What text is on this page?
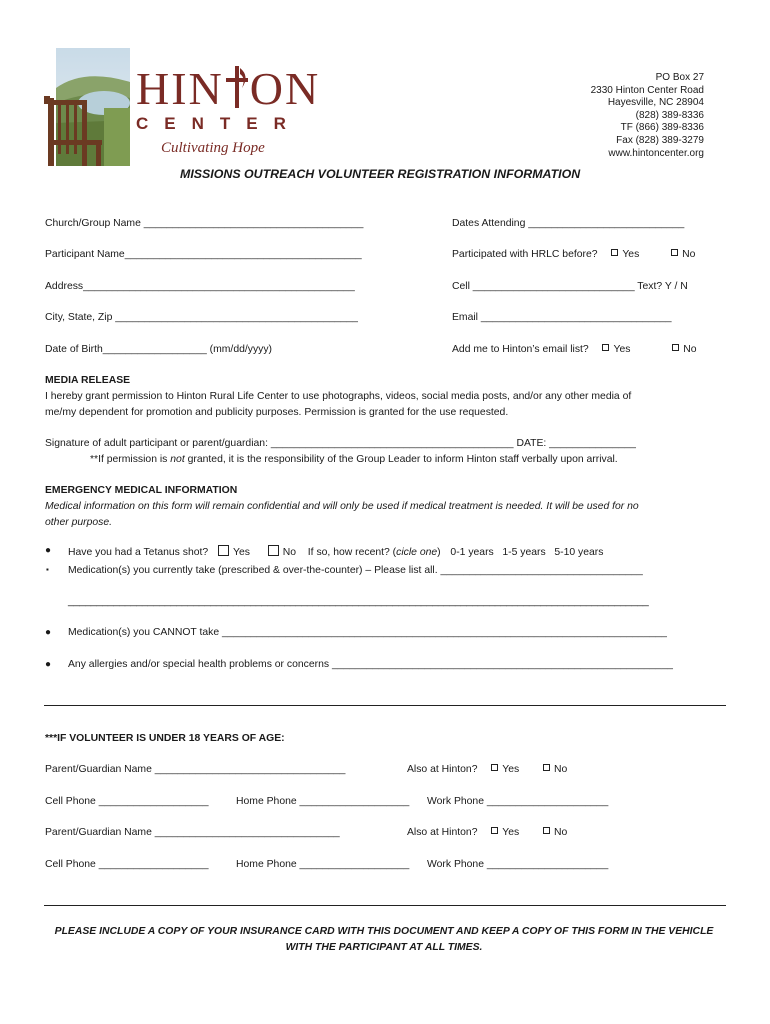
HIN ON
CENTER
Cultivating Hope
PO Box 27
2330 Hinton Center Road
Hayesville, NC 28904
(828) 389-8336
TF (866) 389-8336
Fax (828) 389-3279
www.hintoncenter.org
MISSIONS OUTREACH VOLUNTEER REGISTRATION INFORMATION
Church/Group Name ______________________________________	Dates Attending ___________________________
Participant Name_________________________________________	Participated with HRLC before? Yes	No
Address_______________________________________________	Cell ____________________________ Text? Y / N
City, State, Zip __________________________________________	Email _________________________________
Date of Birth__________________ (mm/dd/yyyy)	Add me to Hinton’s email list? Yes	No
MEDIA RELEASE
I hereby grant permission to Hinton Rural Life Center to use photographs, videos, social media posts, and/or any other media of
me/my dependent for promotion and publicity purposes. Permission is granted for the use requested.
Signature of adult participant or parent/guardian: __________________________________________ DATE: _______________
**If permission is not granted, it is the responsibility of the Group Leader to inform Hinton staff verbally upon arrival.
EMERGENCY MEDICAL INFORMATION
Medical information on this form will remain confidential and will only be used if medical treatment is needed. It will be used for no
other purpose.
● Have you had a Tetanus shot? Yes	No If so, how recent? (cicle one) 0-1 years   1-5 years   5-10 years
▪ Medication(s) you currently take (prescribed & over-the-counter) – Please list all. ___________________________________
______________________________________________________________________________________________________
● Medication(s) you CANNOT take _____________________________________________________________________________
● Any allergies and/or special health problems or concerns ___________________________________________________________
***IF VOLUNTEER IS UNDER 18 YEARS OF AGE:
Parent/Guardian Name _________________________________	Also at Hinton? Yes	No
Cell Phone ___________________	Home Phone ___________________ Work Phone _____________________
Parent/Guardian Name ________________________________	Also at Hinton? Yes	No
Cell Phone ___________________	Home Phone ___________________ Work Phone _____________________
PLEASE INCLUDE A COPY OF YOUR INSURANCE CARD WITH THIS DOCUMENT AND KEEP A COPY OF THIS FORM IN THE VEHICLE
WITH THE PARTICIPANT AT ALL TIMES.
